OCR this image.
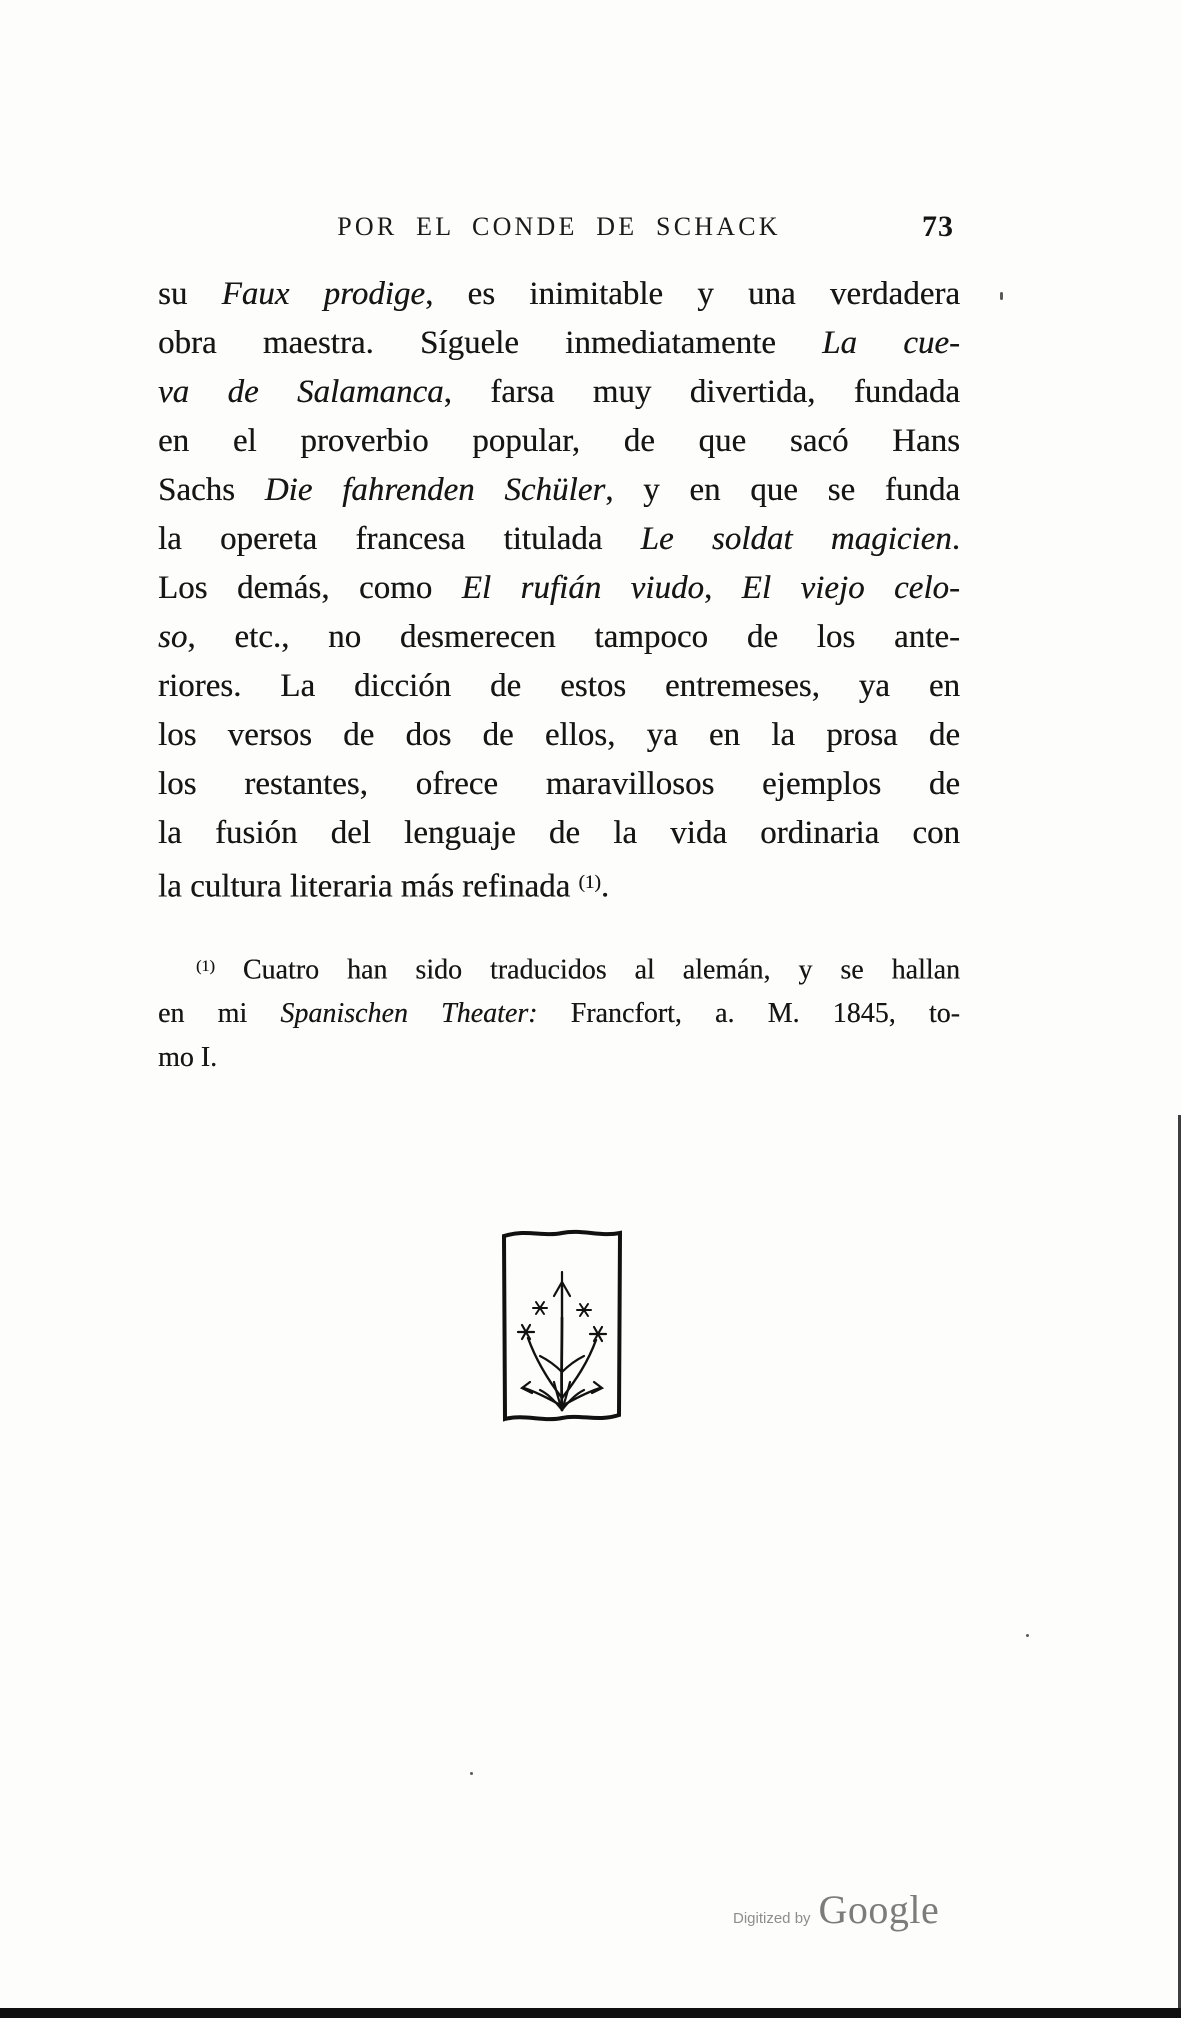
POR EL CONDE DE SCHACK	73
su Faux prodige, es inimitable y una verdadera
obra maestra. Síguele inmediatamente La cue-
va de Salamanca, farsa muy divertida, fundada
en el proverbio popular, de que sacó Hans
Sachs Die fahrenden Schüler, y en que se funda
la opereta francesa titulada Le soldat magicien.
Los demás, como El rufián viudo, El viejo celo-
so, etc., no desmerecen tampoco de los ante-
riores. La dicción de estos entremeses, ya en
los versos de dos de ellos, ya en la prosa de
los restantes, ofrece maravillosos ejemplos de
la fusión del lenguaje de la vida ordinaria con
la cultura literaria más refinada $^{(1)}$.
$^{(1)}$ Cuatro han sido traducidos al alemán, y se hallan
en mi Spanischen Theater: Francfort, a. M. 1845, to-
mo I.
Digitized by Google
